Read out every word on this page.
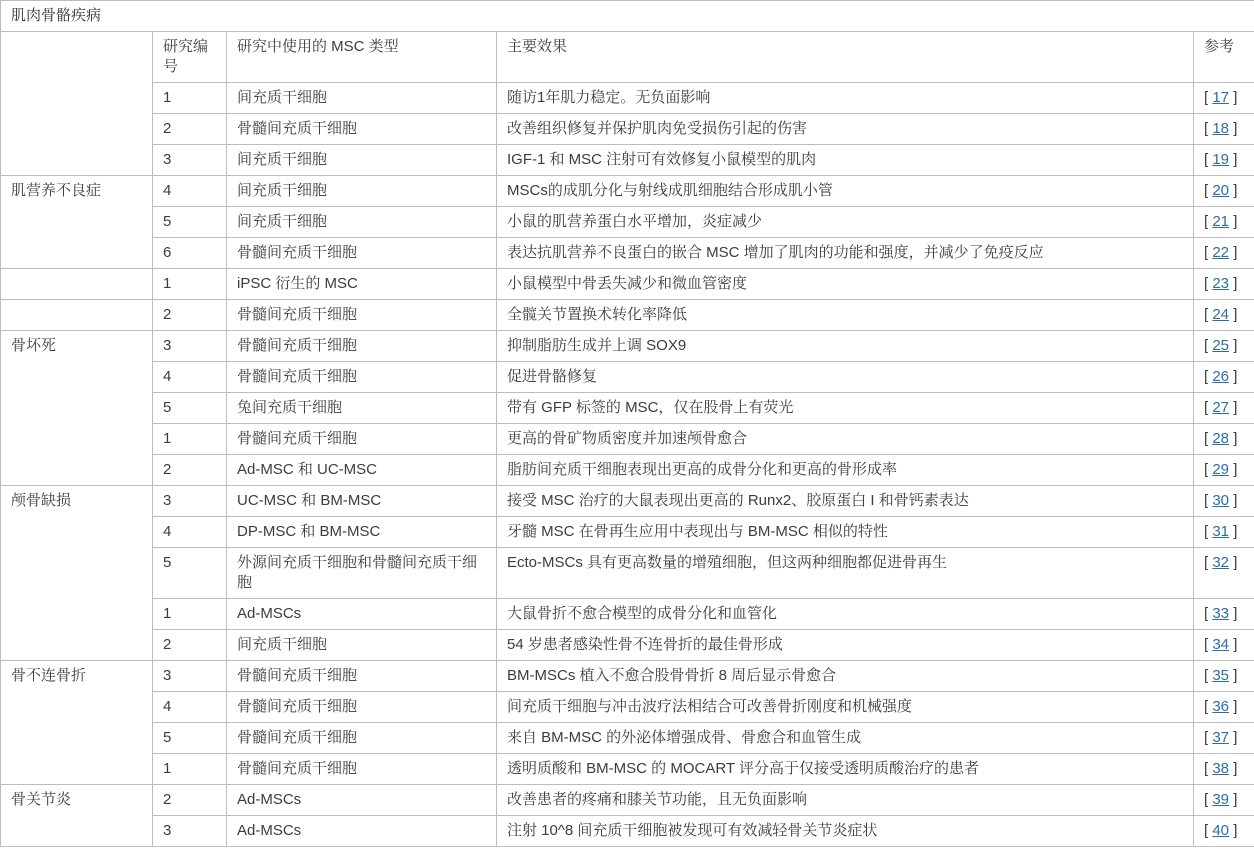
肌肉骨骼疾病				
	研究编号	研究中使用的 MSC 类型	主要效果	参考
	1	间充质干细胞	随访1年肌力稳定。无负面影响	[ 17 ]
	2	骨髓间充质干细胞	改善组织修复并保护肌肉免受损伤引起的伤害	[ 18 ]
	3	间充质干细胞	IGF-1 和 MSC 注射可有效修复小鼠模型的肌肉	[ 19 ]
肌营养不良症	4	间充质干细胞	MSCs的成肌分化与射线成肌细胞结合形成肌小管	[ 20 ]
	5	间充质干细胞	小鼠的肌营养蛋白水平增加，炎症减少	[ 21 ]
	6	骨髓间充质干细胞	表达抗肌营养不良蛋白的嵌合 MSC 增加了肌肉的功能和强度，并减少了免疫反应	[ 22 ]
	1	iPSC 衍生的 MSC	小鼠模型中骨丢失减少和微血管密度	[ 23 ]
	2	骨髓间充质干细胞	全髋关节置换术转化率降低	[ 24 ]
骨坏死	3	骨髓间充质干细胞	抑制脂肪生成并上调 SOX9	[ 25 ]
	4	骨髓间充质干细胞	促进骨骼修复	[ 26 ]
	5	兔间充质干细胞	带有 GFP 标签的 MSC，仅在股骨上有荧光	[ 27 ]
	1	骨髓间充质干细胞	更高的骨矿物质密度并加速颅骨愈合	[ 28 ]
	2	Ad-MSC 和 UC-MSC	脂肪间充质干细胞表现出更高的成骨分化和更高的骨形成率	[ 29 ]
颅骨缺损	3	UC-MSC 和 BM-MSC	接受 MSC 治疗的大鼠表现出更高的 Runx2、胶原蛋白 I 和骨钙素表达	[ 30 ]
	4	DP-MSC 和 BM-MSC	牙髓 MSC 在骨再生应用中表现出与 BM-MSC 相似的特性	[ 31 ]
	5	外源间充质干细胞和骨髓间充质干细胞	Ecto-MSCs 具有更高数量的增殖细胞，但这两种细胞都促进骨再生	[ 32 ]
	1	Ad-MSCs	大鼠骨折不愈合模型的成骨分化和血管化	[ 33 ]
	2	间充质干细胞	54 岁患者感染性骨不连骨折的最佳骨形成	[ 34 ]
骨不连骨折	3	骨髓间充质干细胞	BM-MSCs 植入不愈合股骨骨折 8 周后显示骨愈合	[ 35 ]
	4	骨髓间充质干细胞	间充质干细胞与冲击波疗法相结合可改善骨折刚度和机械强度	[ 36 ]
	5	骨髓间充质干细胞	来自 BM-MSC 的外泌体增强成骨、骨愈合和血管生成	[ 37 ]
	1	骨髓间充质干细胞	透明质酸和 BM-MSC 的 MOCART 评分高于仅接受透明质酸治疗的患者	[ 38 ]
骨关节炎	2	Ad-MSCs	改善患者的疼痛和膝关节功能，且无负面影响	[ 39 ]
	3	Ad-MSCs	注射 10^8 间充质干细胞被发现可有效减轻骨关节炎症状	[ 40 ]
